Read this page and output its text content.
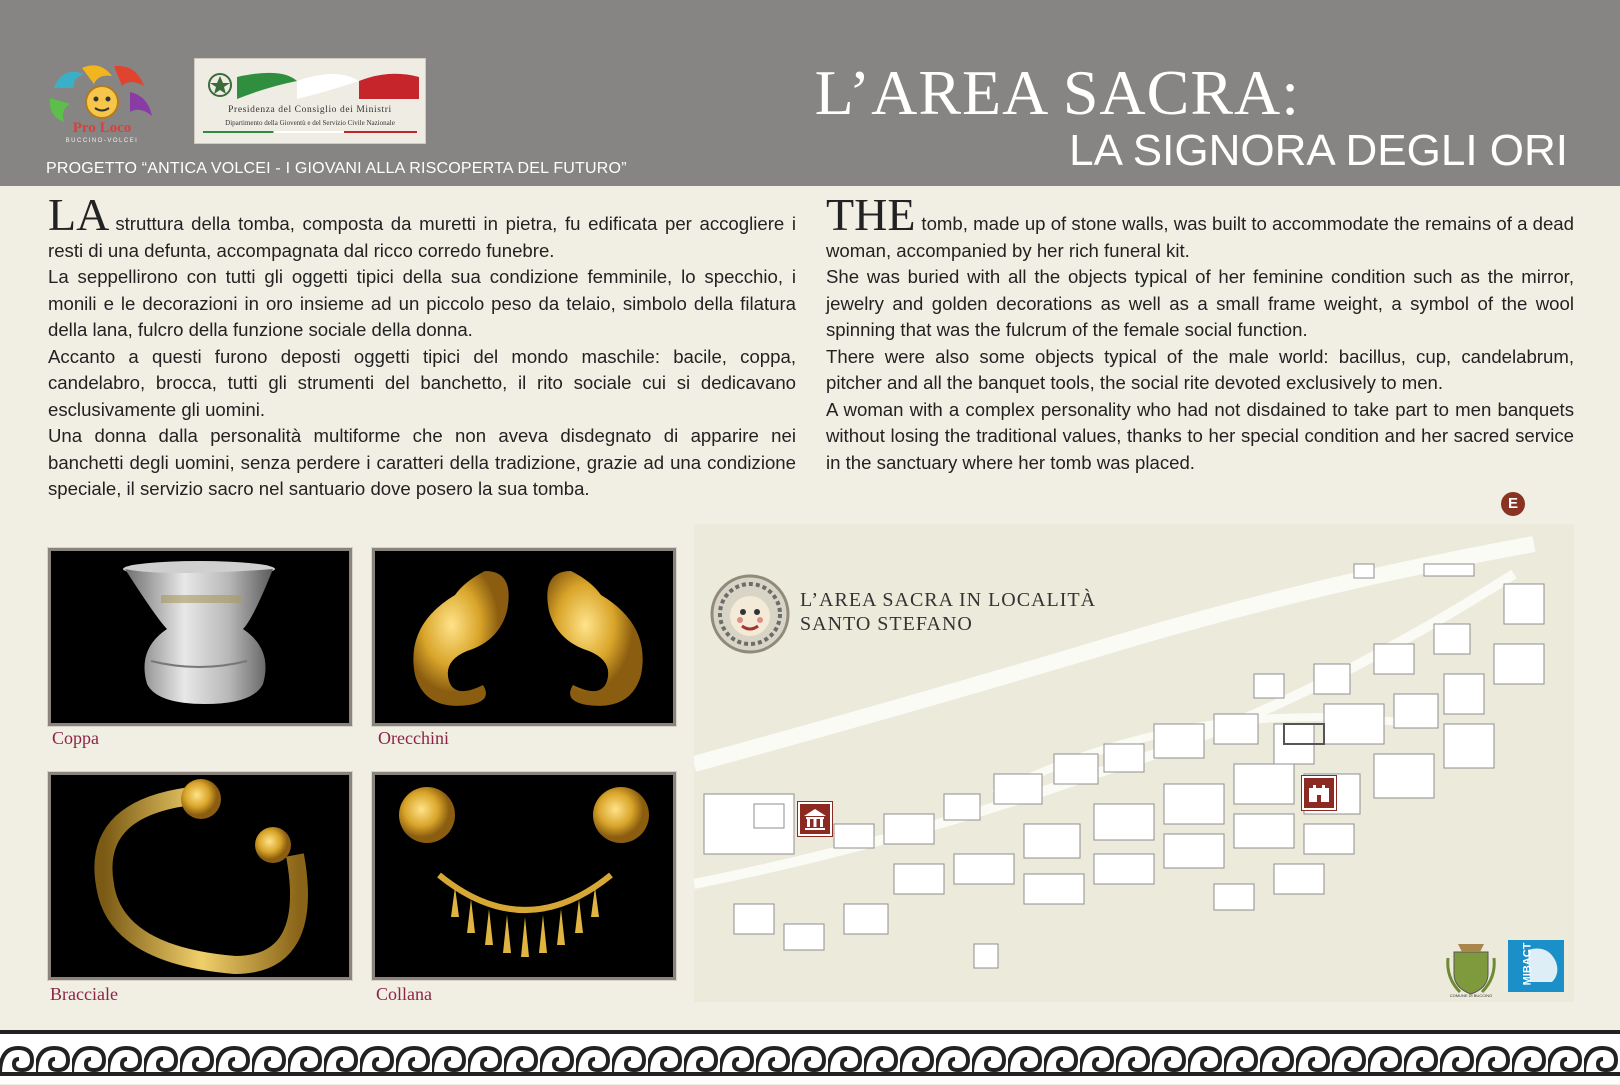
Pro Loco
BUCCINO-VOLCEI
Presidenza del Consiglio dei Ministri
Dipartimento della Gioventù e del Servizio Civile Nazionale
PROGETTO “ANTICA VOLCEI - I GIOVANI ALLA RISCOPERTA DEL FUTURO”
L’AREA SACRA:
LA SIGNORA DEGLI ORI

LA struttura della tomba, composta da muretti in pietra, fu edificata per accogliere i resti di una defunta, accompagnata dal ricco corredo funebre.

La seppellirono con tutti gli oggetti tipici della sua condizione femminile, lo specchio, i monili e le decorazioni in oro insieme ad un piccolo peso da telaio, simbolo della filatura della lana, fulcro della funzione sociale della donna.

Accanto a questi furono deposti oggetti tipici del mondo maschile: bacile, coppa, candelabro, brocca, tutti gli strumenti del banchetto, il rito sociale cui si dedicavano esclusivamente gli uomini.

Una donna dalla personalità multiforme che non aveva disdegnato di apparire nei banchetti degli uomini, senza perdere i caratteri della tradizione, grazie ad una condizione speciale, il servizio sacro nel santuario dove posero la sua tomba.

THE tomb, made up of stone walls, was built to accommodate the remains of a dead woman, accompanied by her rich funeral kit.

She was buried with all the objects typical of her feminine condition such as the mirror, jewelry and golden decorations as well as a small frame weight, a symbol of the wool spinning that was the fulcrum of the female social function.

There were also some objects typical of the male world: bacillus, cup, candelabrum, pitcher and all the banquet tools, the social rite devoted exclusively to men.

A woman with a complex personality who had not disdained to take part to men banquets without losing the traditional values, thanks to her special condition and her sacred service in the sanctuary where her tomb was placed.

Coppa	Orecchini
Bracciale	Collana
L’AREA SACRA IN LOCALITÀ
SANTO STEFANO
E
COMUNE DI BUCCINO
MIBACT
